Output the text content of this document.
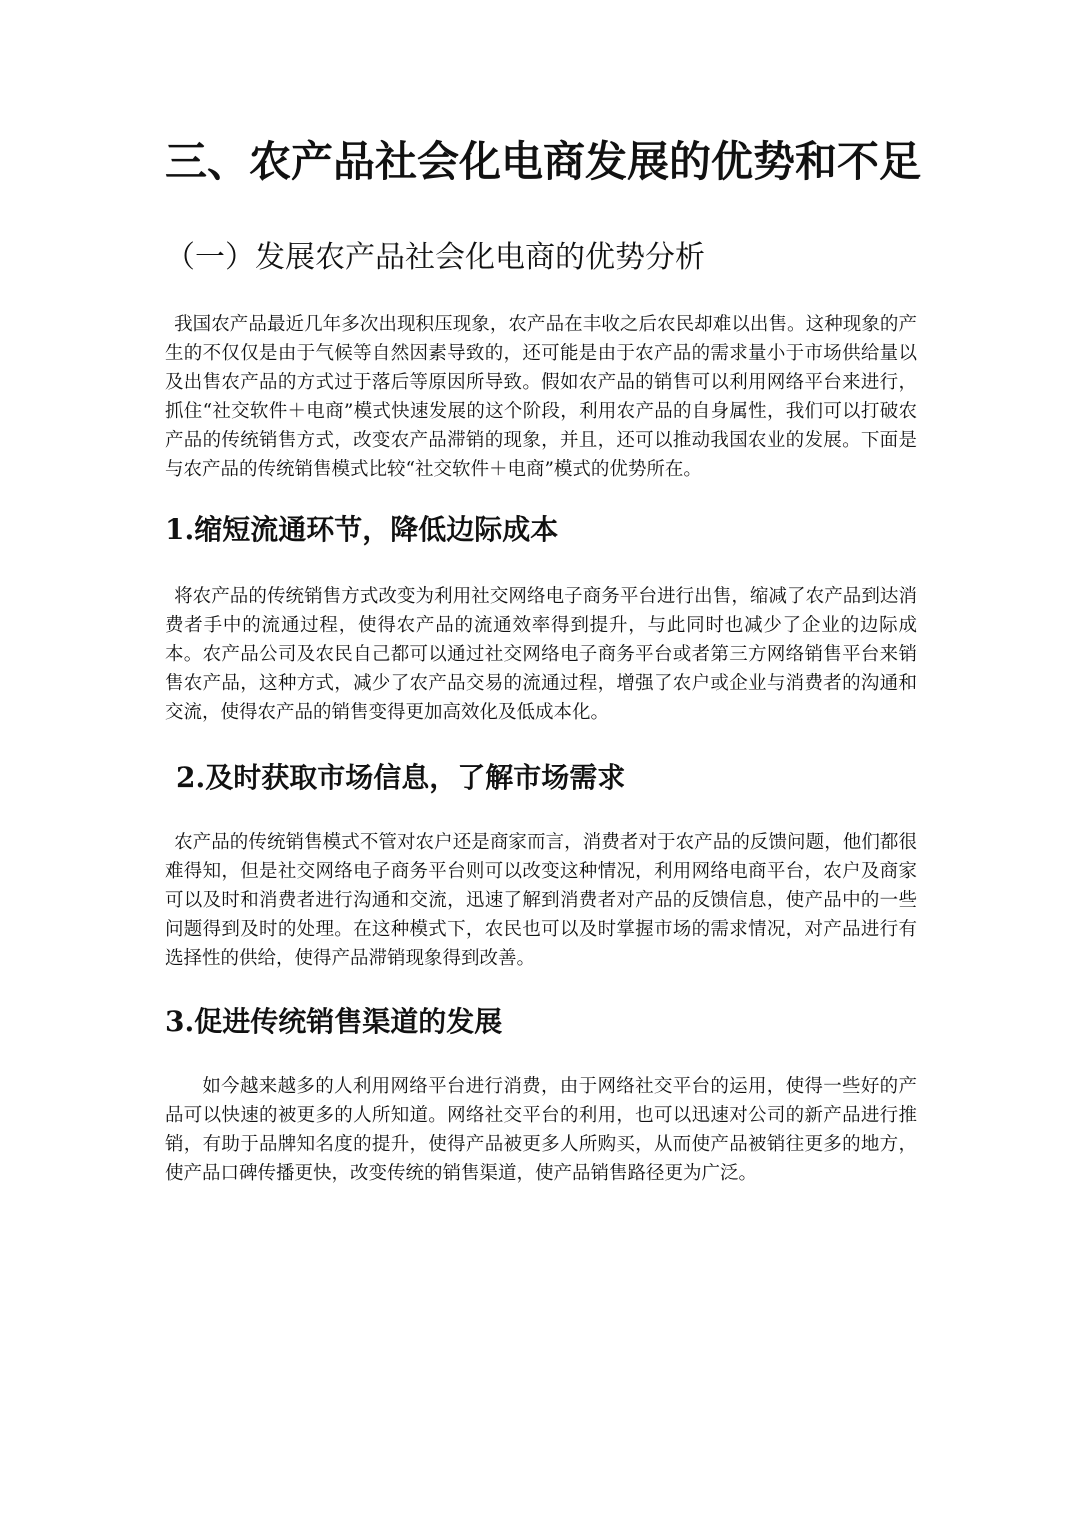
三、农产品社会化电商发展的优势和不足
（一）发展农产品社会化电商的优势分析

我国农产品最近几年多次出现积压现象，农产品在丰收之后农民却难以出售。这种现象的产生的不仅仅是由于气候等自然因素导致的，还可能是由于农产品的需求量小于市场供给量以及出售农产品的方式过于落后等原因所导致。假如农产品的销售可以利用网络平台来进行，抓住“社交软件＋电商”模式快速发展的这个阶段，利用农产品的自身属性，我们可以打破农产品的传统销售方式，改变农产品滞销的现象，并且，还可以推动我国农业的发展。下面是与农产品的传统销售模式比较“社交软件＋电商”模式的优势所在。

1.缩短流通环节，降低边际成本

将农产品的传统销售方式改变为利用社交网络电子商务平台进行出售，缩减了农产品到达消费者手中的流通过程，使得农产品的流通效率得到提升，与此同时也减少了企业的边际成本。农产品公司及农民自己都可以通过社交网络电子商务平台或者第三方网络销售平台来销售农产品，这种方式，减少了农产品交易的流通过程，增强了农户或企业与消费者的沟通和交流，使得农产品的销售变得更加高效化及低成本化。

2.及时获取市场信息，了解市场需求

农产品的传统销售模式不管对农户还是商家而言，消费者对于农产品的反馈问题，他们都很难得知，但是社交网络电子商务平台则可以改变这种情况，利用网络电商平台，农户及商家可以及时和消费者进行沟通和交流，迅速了解到消费者对产品的反馈信息，使产品中的一些问题得到及时的处理。在这种模式下，农民也可以及时掌握市场的需求情况，对产品进行有选择性的供给，使得产品滞销现象得到改善。

3.促进传统销售渠道的发展

如今越来越多的人利用网络平台进行消费，由于网络社交平台的运用，使得一些好的产品可以快速的被更多的人所知道。网络社交平台的利用，也可以迅速对公司的新产品进行推销，有助于品牌知名度的提升，使得产品被更多人所购买，从而使产品被销往更多的地方，使产品口碑传播更快，改变传统的销售渠道，使产品销售路径更为广泛。
